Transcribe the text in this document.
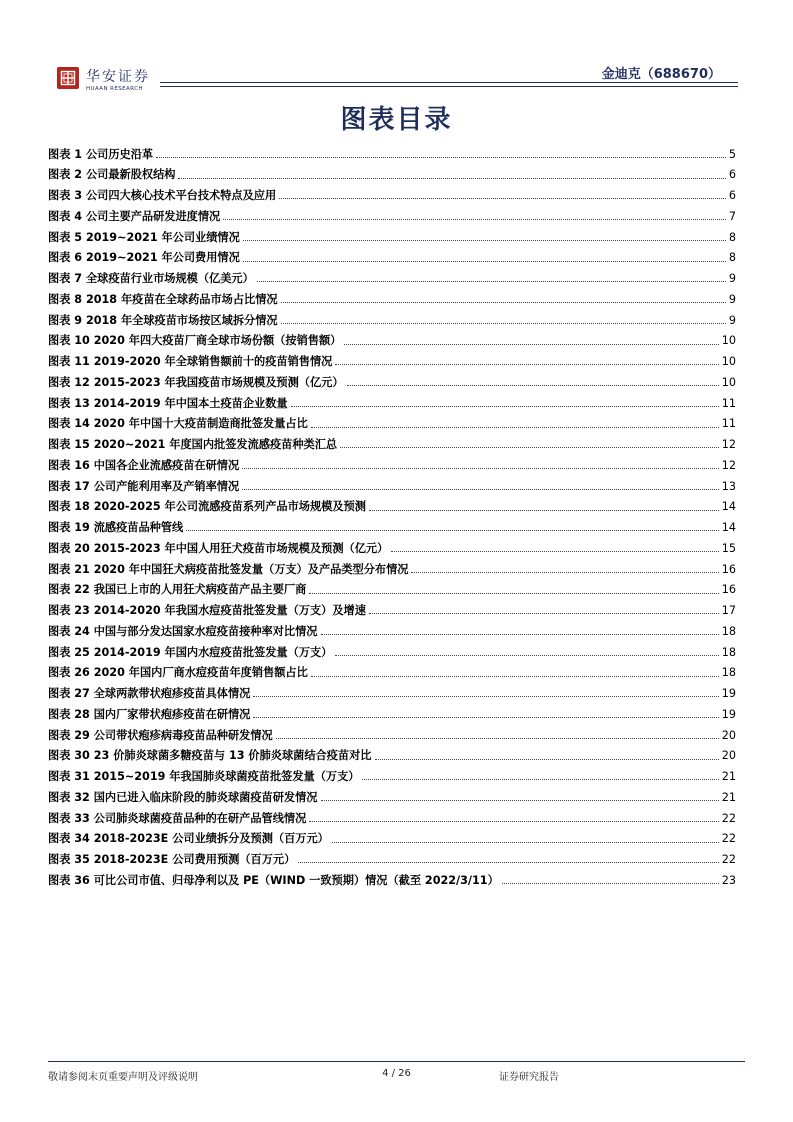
华安证券
HUAAN RESEARCH
金迪克（688670）
图表目录
图表 1 公司历史沿革	5
图表 2 公司最新股权结构	6
图表 3 公司四大核心技术平台技术特点及应用	6
图表 4 公司主要产品研发进度情况	7
图表 5 2019~2021 年公司业绩情况	8
图表 6 2019~2021 年公司费用情况	8
图表 7 全球疫苗行业市场规模（亿美元）	9
图表 8 2018 年疫苗在全球药品市场占比情况	9
图表 9 2018 年全球疫苗市场按区域拆分情况	9
图表 10 2020 年四大疫苗厂商全球市场份额（按销售额）	10
图表 11 2019-2020 年全球销售额前十的疫苗销售情况	10
图表 12 2015-2023 年我国疫苗市场规模及预测（亿元）	10
图表 13 2014-2019 年中国本土疫苗企业数量	11
图表 14 2020 年中国十大疫苗制造商批签发量占比	11
图表 15 2020~2021 年度国内批签发流感疫苗种类汇总	12
图表 16 中国各企业流感疫苗在研情况	12
图表 17 公司产能利用率及产销率情况	13
图表 18 2020-2025 年公司流感疫苗系列产品市场规模及预测	14
图表 19 流感疫苗品种管线	14
图表 20 2015-2023 年中国人用狂犬疫苗市场规模及预测（亿元）	15
图表 21 2020 年中国狂犬病疫苗批签发量（万支）及产品类型分布情况	16
图表 22 我国已上市的人用狂犬病疫苗产品主要厂商	16
图表 23 2014-2020 年我国水痘疫苗批签发量（万支）及增速	17
图表 24 中国与部分发达国家水痘疫苗接种率对比情况	18
图表 25 2014-2019 年国内水痘疫苗批签发量（万支）	18
图表 26 2020 年国内厂商水痘疫苗年度销售额占比	18
图表 27 全球两款带状疱疹疫苗具体情况	19
图表 28 国内厂家带状疱疹疫苗在研情况	19
图表 29 公司带状疱疹病毒疫苗品种研发情况	20
图表 30 23 价肺炎球菌多糖疫苗与 13 价肺炎球菌结合疫苗对比	20
图表 31 2015~2019 年我国肺炎球菌疫苗批签发量（万支）	21
图表 32 国内已进入临床阶段的肺炎球菌疫苗研发情况	21
图表 33 公司肺炎球菌疫苗品种的在研产品管线情况	22
图表 34 2018-2023E 公司业绩拆分及预测（百万元）	22
图表 35 2018-2023E 公司费用预测（百万元）	22
图表 36 可比公司市值、归母净利以及 PE（WIND 一致预期）情况（截至 2022/3/11）	23
敬请参阅末页重要声明及评级说明	4 / 26	证券研究报告
